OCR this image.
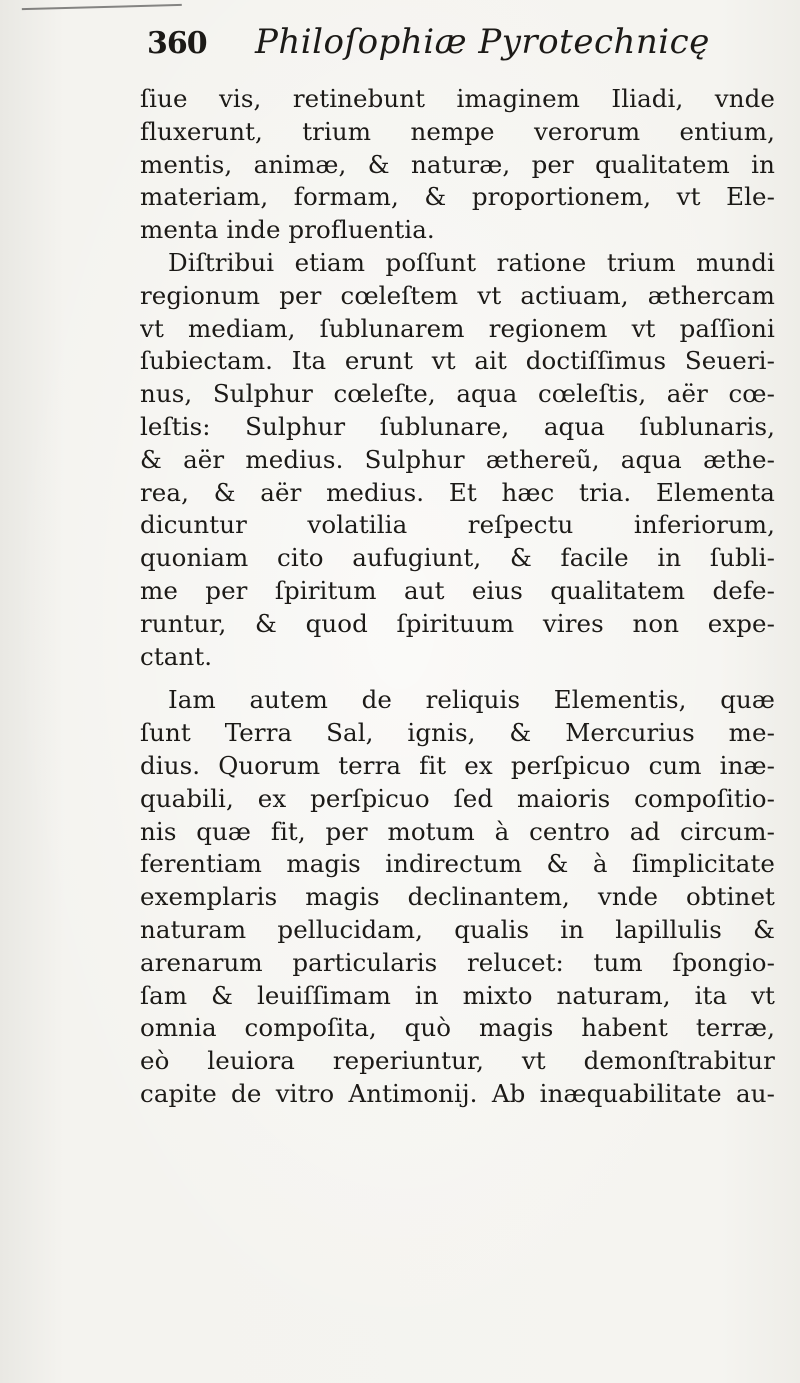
360 Philoſophiæ Pyrotechnicę
ſiue vis, retinebunt imaginem Iliadi, vnde
fluxerunt, trium nempe verorum entium,
mentis, animæ, & naturæ, per qualitatem in
materiam, formam, & proportionem, vt Ele-
menta inde profluentia.
Diſtribui etiam poſſunt ratione trium mundi
regionum per cœleſtem vt actiuam, æthercam
vt mediam, ſublunarem regionem vt paſſioni
ſubiectam. Ita erunt vt ait doctiſſimus Seueri-
nus, Sulphur cœleſte, aqua cœleſtis, aër cœ-
leſtis: Sulphur ſublunare, aqua ſublunaris,
& aër medius. Sulphur æthereũ, aqua æthe-
rea, & aër medius. Et hæc tria. Elementa
dicuntur volatilia reſpectu inferiorum,
quoniam cito aufugiunt, & facile in ſubli-
me per ſpiritum aut eius qualitatem defe-
runtur, & quod ſpirituum vires non expe-
ctant.
Iam autem de reliquis Elementis, quæ
ſunt Terra Sal, ignis, & Mercurius me-
dius. Quorum terra fit ex perſpicuo cum inæ-
quabili, ex perſpicuo ſed maioris compoſitio-
nis quæ fit, per motum à centro ad circum-
ferentiam magis indirectum & à ſimplicitate
exemplaris magis declinantem, vnde obtinet
naturam pellucidam, qualis in lapillulis &
arenarum particularis relucet: tum ſpongio-
ſam & leuiſſimam in mixto naturam, ita vt
omnia compoſita, quò magis habent terræ,
eò leuiora reperiuntur, vt demonſtrabitur
capite de vitro Antimonij. Ab inæquabilitate au-
